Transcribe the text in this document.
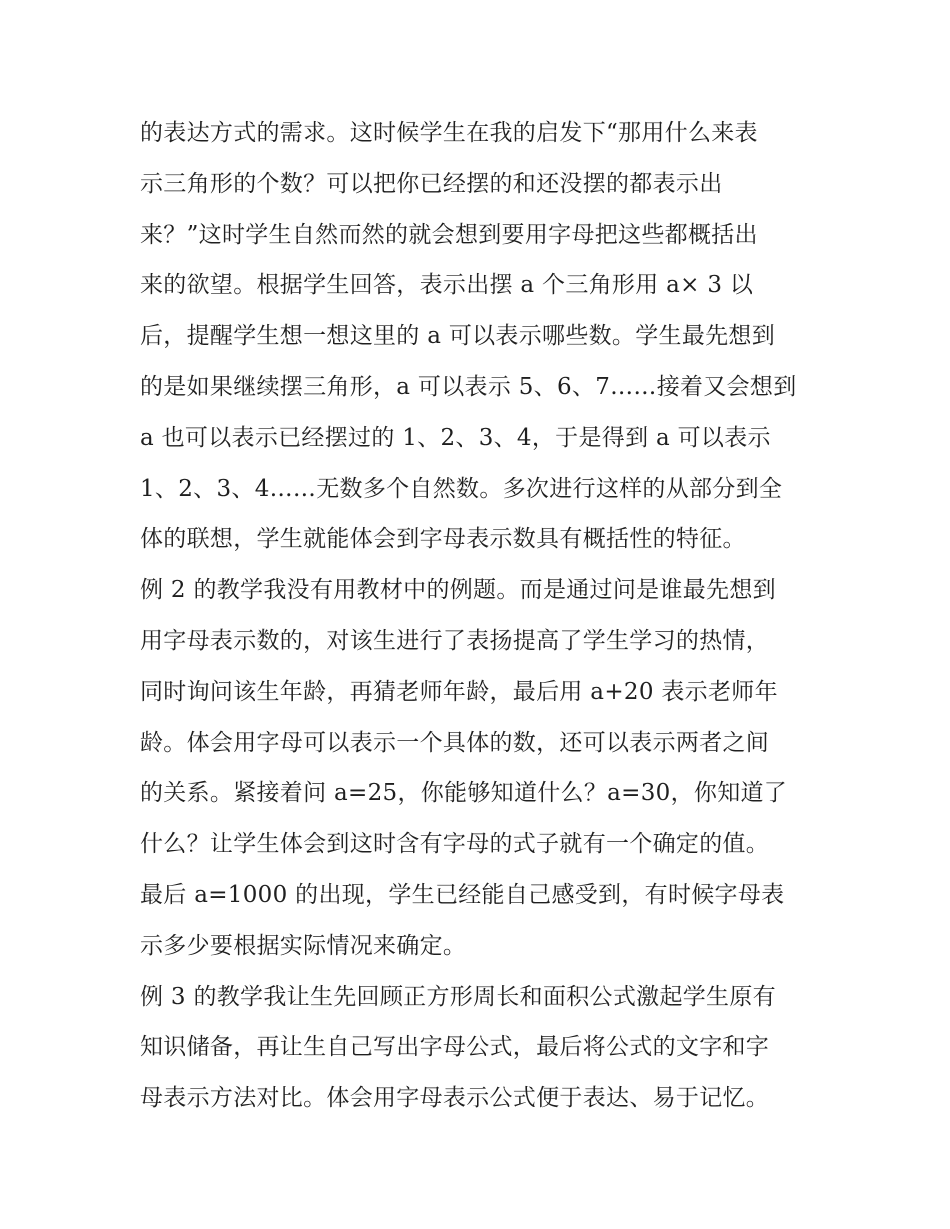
的表达方式的需求。这时候学生在我的启发下“那用什么来表
示三角形的个数？可以把你已经摆的和还没摆的都表示出
来？”这时学生自然而然的就会想到要用字母把这些都概括出
来的欲望。根据学生回答，表示出摆 a 个三角形用 a× 3 以
后，提醒学生想一想这里的 a 可以表示哪些数。学生最先想到
的是如果继续摆三角形，a 可以表示 5、6、7……接着又会想到
a 也可以表示已经摆过的 1、2、3、4，于是得到 a 可以表示
1、2、3、4……无数多个自然数。多次进行这样的从部分到全
体的联想，学生就能体会到字母表示数具有概括性的特征。
例 2 的教学我没有用教材中的例题。而是通过问是谁最先想到
用字母表示数的，对该生进行了表扬提高了学生学习的热情，
同时询问该生年龄，再猜老师年龄，最后用 a+20 表示老师年
龄。体会用字母可以表示一个具体的数，还可以表示两者之间
的关系。紧接着问 a=25，你能够知道什么？a=30，你知道了
什么？让学生体会到这时含有字母的式子就有一个确定的值。
最后 a=1000 的出现，学生已经能自己感受到，有时候字母表
示多少要根据实际情况来确定。
例 3 的教学我让生先回顾正方形周长和面积公式激起学生原有
知识储备，再让生自己写出字母公式，最后将公式的文字和字
母表示方法对比。体会用字母表示公式便于表达、易于记忆。
